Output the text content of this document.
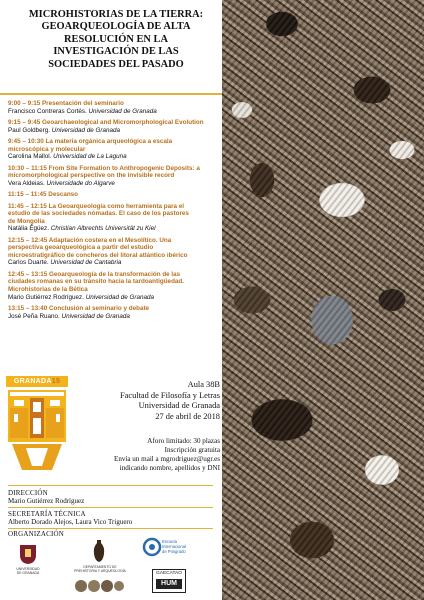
MICROHISTORIAS DE LA TIERRA:
GEOARQUEOLOGÍA DE ALTA
RESOLUCIÓN EN LA
INVESTIGACIÓN DE LAS
SOCIEDADES DEL PASADO
9:00 – 9:15 Presentación del seminario
Francisco Contreras Cortés. Universidad de Granada
9:15 – 9:45 Geoarchaeological and Micromorphological Evolution
Paul Goldberg. Universidad de Granada
9:45 – 10:30 La materia orgánica arqueológica a escala
microscópica y molecular
Carolina Mallol. Universidad de La Laguna
10:30 – 11:15 From Site Formation to Anthropogenic Deposits: a
micromorphological perspective on the invisible record
Vera Aldeias. Universidade do Algarve
11:15 – 11:45 Descanso
11:45 – 12:15 La Geoarqueología como herramienta para el
estudio de las sociedades nómadas. El caso de los pastores
de Mongolia
Natàlia Égüez. Christian Albrechts Universität zu Kiel
12:15 – 12:45 Adaptación costera en el Mesolítico. Una
perspectiva geoarqueológica a partir del estudio
microestratigráfico de concheros del litoral atlántico ibérico
Carlos Duarte. Universidad de Cantabria
12:45 – 13:15 Geoarqueología de la transformación de las
ciudades romanas en su tránsito hacia la tardoantigüedad.
Microhistorias de la Bética
Mario Gutiérrez Rodríguez. Universidad de Granada
13:15 – 13:40 Conclusión al seminario y debate
José Peña Ruano. Universidad de Granada
GRANADA15	Aula 38B
Facultad de Filosofía y Letras
Universidad de Granada
27 de abril de 2018
Aforo limitado: 30 plazas
Inscripción gratuita
Envía un mail a mgrodriguez@ugr.es
indicando nombre, apellidos y DNI
DIRECCIÓN
Mario Gutiérrez Rodríguez
SECRETARÍA TÉCNICA
Alberto Dorado Alejos, Laura Vico Triguero
ORGANIZACIÓN
UNIVERSIDAD
DE GRANADA
DEPARTAMENTO DE
PREHISTORIA Y ARQUEOLOGÍA
Escuela
Internacional
de Posgrado
GAECATAO
HUM
